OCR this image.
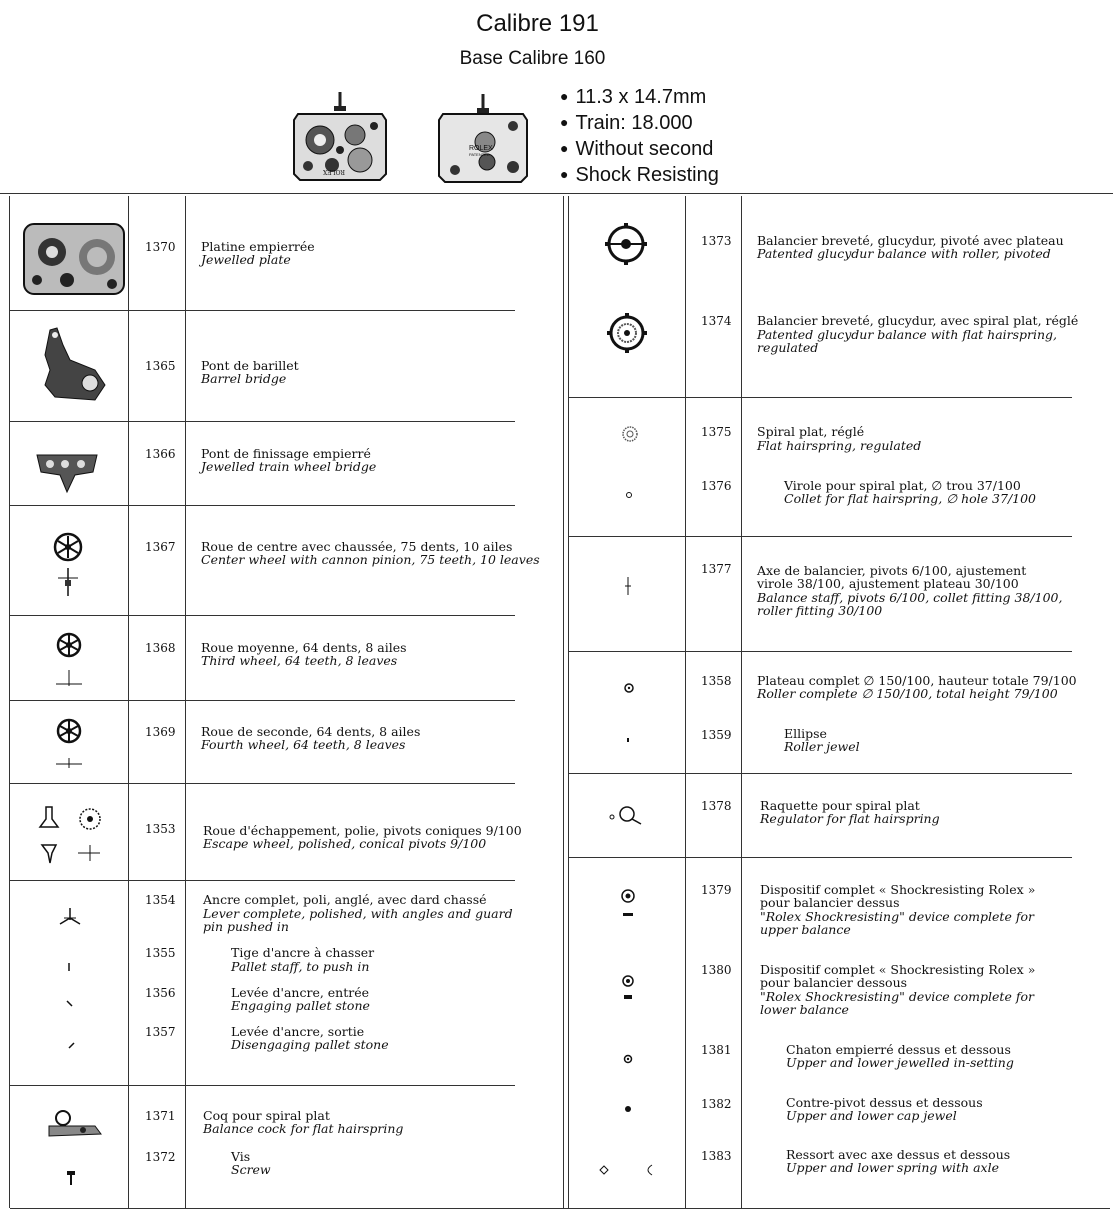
Calibre 191
Base Calibre 160
● 11.3 x 14.7mm
● Train: 18.000
● Without second
● Shock Resisting
ROLEX
ROLEX
PATENTED
1370 Platine empierrée
Jewelled plate
1365 Pont de barillet
Barrel bridge
1366 Pont de finissage empierré
Jewelled train wheel bridge
1367 Roue de centre avec chaussée, 75 dents, 10 ailes
Center wheel with cannon pinion, 75 teeth, 10 leaves
1368 Roue moyenne, 64 dents, 8 ailes
Third wheel, 64 teeth, 8 leaves
1369 Roue de seconde, 64 dents, 8 ailes
Fourth wheel, 64 teeth, 8 leaves
1353 Roue d'échappement, polie, pivots coniques 9/100
Escape wheel, polished, conical pivots 9/100
1354 Ancre complet, poli, anglé, avec dard chassé
Lever complete, polished, with angles and guard
pin pushed in
1355	Tige d'ancre à chasser
Pallet staff, to push in
1356	Levée d'ancre, entrée
Engaging pallet stone
1357	Levée d'ancre, sortie
Disengaging pallet stone
1371 Coq pour spiral plat
Balance cock for flat hairspring
1372	Vis
Screw
1373 Balancier breveté, glucydur, pivoté avec plateau
Patented glucydur balance with roller, pivoted
1374 Balancier breveté, glucydur, avec spiral plat, réglé
Patented glucydur balance with flat hairspring,
regulated
1375 Spiral plat, réglé
Flat hairspring, regulated
1376	Virole pour spiral plat, ∅ trou 37/100
Collet for flat hairspring, ∅ hole 37/100
1377 Axe de balancier, pivots 6/100, ajustement
virole 38/100, ajustement plateau 30/100
Balance staff, pivots 6/100, collet fitting 38/100,
roller fitting 30/100
1358 Plateau complet ∅ 150/100, hauteur totale 79/100
Roller complete ∅ 150/100, total height 79/100
1359	Ellipse
Roller jewel
1378 Raquette pour spiral plat
Regulator for flat hairspring
1379 Dispositif complet « Shockresisting Rolex »
pour balancier dessus
"Rolex Shockresisting" device complete for
upper balance
1380 Dispositif complet « Shockresisting Rolex »
pour balancier dessous
"Rolex Shockresisting" device complete for
lower balance
1381	Chaton empierré dessus et dessous
Upper and lower jewelled in-setting
1382	Contre-pivot dessus et dessous
Upper and lower cap jewel
1383	Ressort avec axe dessus et dessous
Upper and lower spring with axle
